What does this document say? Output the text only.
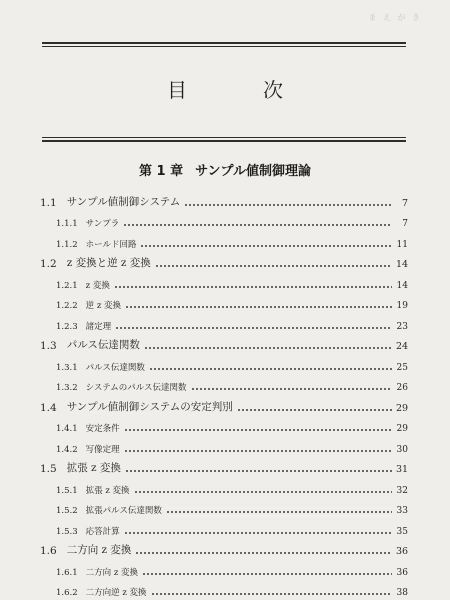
ま え が き
目　次
第 1 章 サンプル値制御理論
1.1 サンプル値制御システム	7
1.1.1 サンプラ	7
1.1.2 ホールド回路	11
1.2 z 変換と逆 z 変換	14
1.2.1 z 変換	14
1.2.2 逆 z 変換	19
1.2.3 諸定理	23
1.3 パルス伝達関数	24
1.3.1 パルス伝達関数	25
1.3.2 システムのパルス伝達関数	26
1.4 サンプル値制御システムの安定判別	29
1.4.1 安定条件	29
1.4.2 写像定理	30
1.5 拡張 z 変換	31
1.5.1 拡張 z 変換	32
1.5.2 拡張パルス伝達関数	33
1.5.3 応答計算	35
1.6 二方向 z 変換	36
1.6.1 二方向 z 変換	36
1.6.2 二方向逆 z 変換	38
